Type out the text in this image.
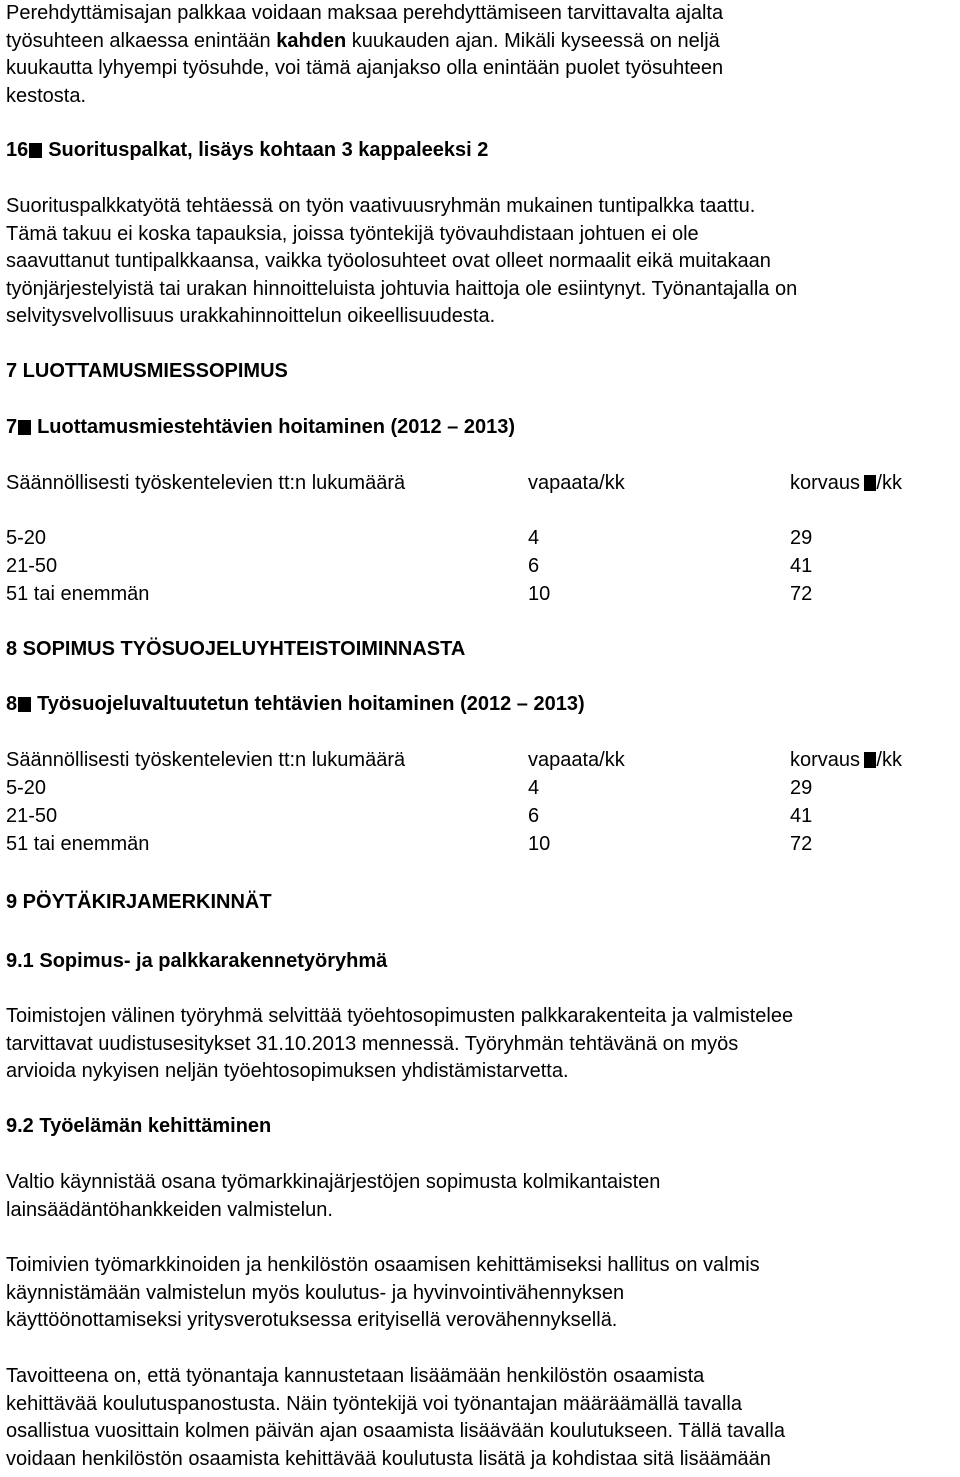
Perehdyttämisajan palkkaa voidaan maksaa perehdyttämiseen tarvittavalta ajalta

työsuhteen alkaessa enintään kahden kuukauden ajan. Mikäli kyseessä on neljä

kuukautta lyhyempi työsuhde, voi tämä ajanjakso olla enintään puolet työsuhteen

kestosta.

16 Suorituspalkat, lisäys kohtaan 3 kappaleeksi 2

Suorituspalkkatyötä tehtäessä on työn vaativuusryhmän mukainen tuntipalkka taattu.

Tämä takuu ei koska tapauksia, joissa työntekijä työvauhdistaan johtuen ei ole

saavuttanut tuntipalkkaansa, vaikka työolosuhteet ovat olleet normaalit eikä muitakaan

työnjärjestelyistä tai urakan hinnoitteluista johtuvia haittoja ole esiintynyt. Työnantajalla on

selvitysvelvollisuus urakkahinnoittelun oikeellisuudesta.

7 LUOTTAMUSMIESSOPIMUS

7 Luottamusmiestehtävien hoitaminen (2012 – 2013)

Säännöllisesti työskentelevien tt:n lukumäärä	vapaata/kk	korvaus /kk
5-20	4	29
21-50	6	41
51 tai enemmän	10	72

8 SOPIMUS TYÖSUOJELUYHTEISTOIMINNASTA

8 Työsuojeluvaltuutetun tehtävien hoitaminen (2012 – 2013)

Säännöllisesti työskentelevien tt:n lukumäärä	vapaata/kk	korvaus /kk
5-20	4	29
21-50	6	41
51 tai enemmän	10	72

9 PÖYTÄKIRJAMERKINNÄT

9.1 Sopimus- ja palkkarakennetyöryhmä

Toimistojen välinen työryhmä selvittää työehtosopimusten palkkarakenteita ja valmistelee

tarvittavat uudistusesitykset 31.10.2013 mennessä. Työryhmän tehtävänä on myös

arvioida nykyisen neljän työehtosopimuksen yhdistämistarvetta.

9.2 Työelämän kehittäminen

Valtio käynnistää osana työmarkkinajärjestöjen sopimusta kolmikantaisten

lainsäädäntöhankkeiden valmistelun.

Toimivien työmarkkinoiden ja henkilöstön osaamisen kehittämiseksi hallitus on valmis

käynnistämään valmistelun myös koulutus- ja hyvinvointivähennyksen

käyttöönottamiseksi yritysverotuksessa erityisellä verovähennyksellä.

Tavoitteena on, että työnantaja kannustetaan lisäämään henkilöstön osaamista

kehittävää koulutuspanostusta. Näin työntekijä voi työnantajan määräämällä tavalla

osallistua vuosittain kolmen päivän ajan osaamista lisäävään koulutukseen. Tällä tavalla

voidaan henkilöstön osaamista kehittävää koulutusta lisätä ja kohdistaa sitä lisäämään
